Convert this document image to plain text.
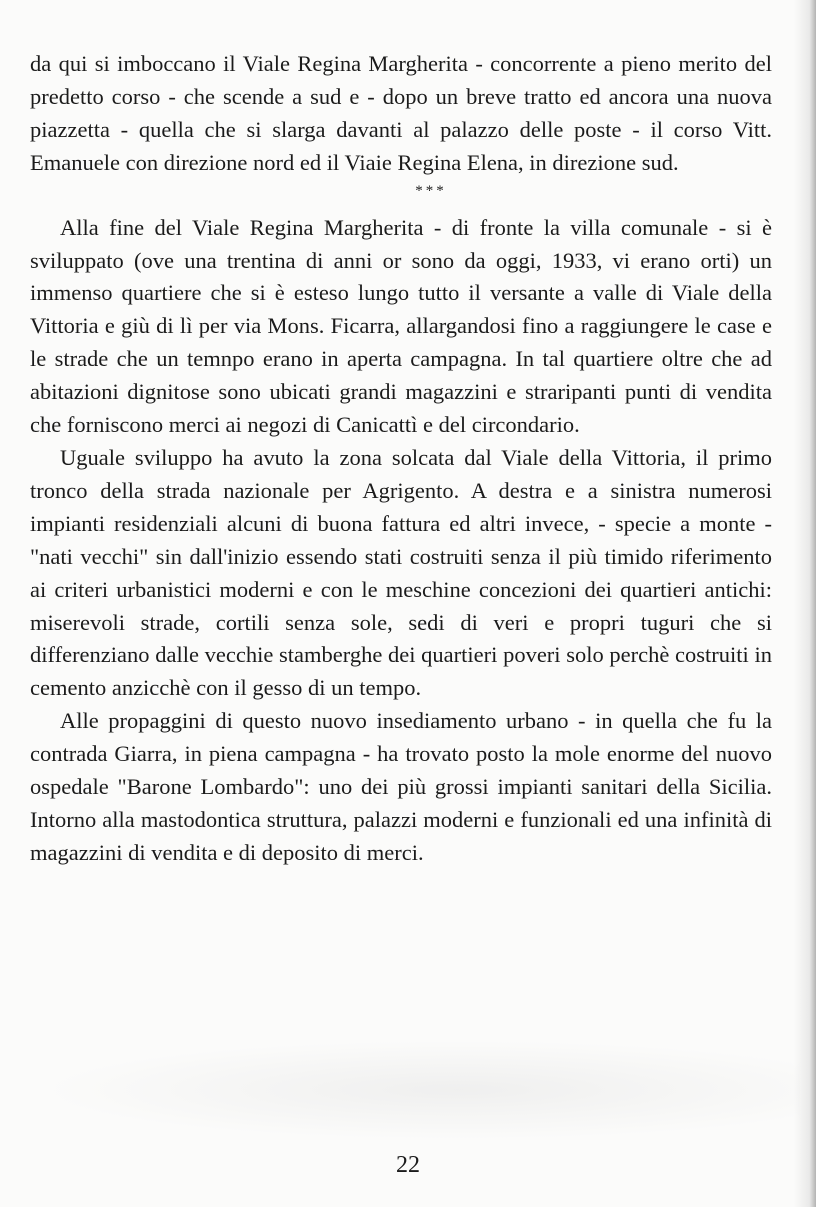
da qui si imboccano il Viale Regina Margherita - concorrente a pieno merito del predetto corso - che scende a sud e - dopo un breve tratto ed ancora una nuova piazzetta - quella che si slarga davanti al palazzo delle poste - il corso Vitt. Emanuele con direzione nord ed il Viaie Regina Elena, in direzione sud.

***

Alla fine del Viale Regina Margherita - di fronte la villa comunale - si è sviluppato (ove una trentina di anni or sono da oggi, 1933, vi erano orti) un immenso quartiere che si è esteso lungo tutto il versante a valle di Viale della Vittoria e giù di lì per via Mons. Ficarra, allargandosi fino a raggiungere le case e le strade che un temnpo erano in aperta campagna. In tal quartiere oltre che ad abitazioni dignitose sono ubicati grandi magazzini e straripanti punti di vendita che forniscono merci ai negozi di Canicattì e del circondario.

Uguale sviluppo ha avuto la zona solcata dal Viale della Vittoria, il primo tronco della strada nazionale per Agrigento. A destra e a sinistra numerosi impianti residenziali alcuni di buona fattura ed altri invece, - specie a monte - "nati vecchi" sin dall'inizio essendo stati costruiti senza il più timido riferimento ai criteri urbanistici moderni e con le meschine concezioni dei quartieri antichi: miserevoli strade, cortili senza sole, sedi di veri e propri tuguri che si differenziano dalle vecchie stamberghe dei quartieri poveri solo perchè costruiti in cemento anzicchè con il gesso di un tempo.

Alle propaggini di questo nuovo insediamento urbano - in quella che fu la contrada Giarra, in piena campagna - ha trovato posto la mole enorme del nuovo ospedale "Barone Lombardo": uno dei più grossi impianti sanitari della Sicilia. Intorno alla mastodontica struttura, palazzi moderni e funzionali ed una infinità di magazzini di vendita e di deposito di merci.

22
